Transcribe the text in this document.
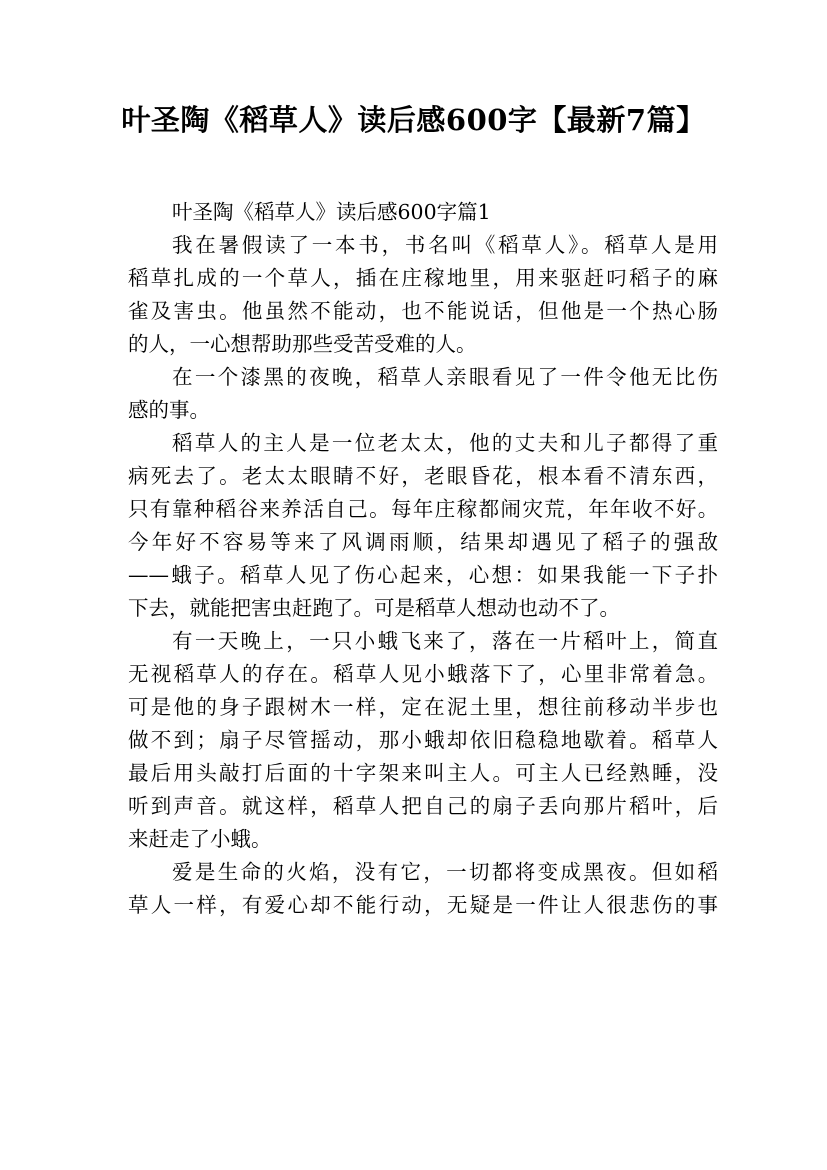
叶圣陶《稻草人》读后感600字【最新7篇】
叶圣陶《稻草人》读后感600字篇1
我在暑假读了一本书，书名叫《稻草人》。稻草人是用
稻草扎成的一个草人，插在庄稼地里，用来驱赶叼稻子的麻
雀及害虫。他虽然不能动，也不能说话，但他是一个热心肠
的人，一心想帮助那些受苦受难的人。
在一个漆黑的夜晚，稻草人亲眼看见了一件令他无比伤
感的事。
稻草人的主人是一位老太太，他的丈夫和儿子都得了重
病死去了。老太太眼睛不好，老眼昏花，根本看不清东西，
只有靠种稻谷来养活自己。每年庄稼都闹灾荒，年年收不好。
今年好不容易等来了风调雨顺，结果却遇见了稻子的强敌
——蛾子。稻草人见了伤心起来，心想：如果我能一下子扑
下去，就能把害虫赶跑了。可是稻草人想动也动不了。
有一天晚上，一只小蛾飞来了，落在一片稻叶上，简直
无视稻草人的存在。稻草人见小蛾落下了，心里非常着急。
可是他的身子跟树木一样，定在泥土里，想往前移动半步也
做不到；扇子尽管摇动，那小蛾却依旧稳稳地歇着。稻草人
最后用头敲打后面的十字架来叫主人。可主人已经熟睡，没
听到声音。就这样，稻草人把自己的扇子丢向那片稻叶，后
来赶走了小蛾。
爱是生命的火焰，没有它，一切都将变成黑夜。但如稻
草人一样，有爱心却不能行动，无疑是一件让人很悲伤的事
